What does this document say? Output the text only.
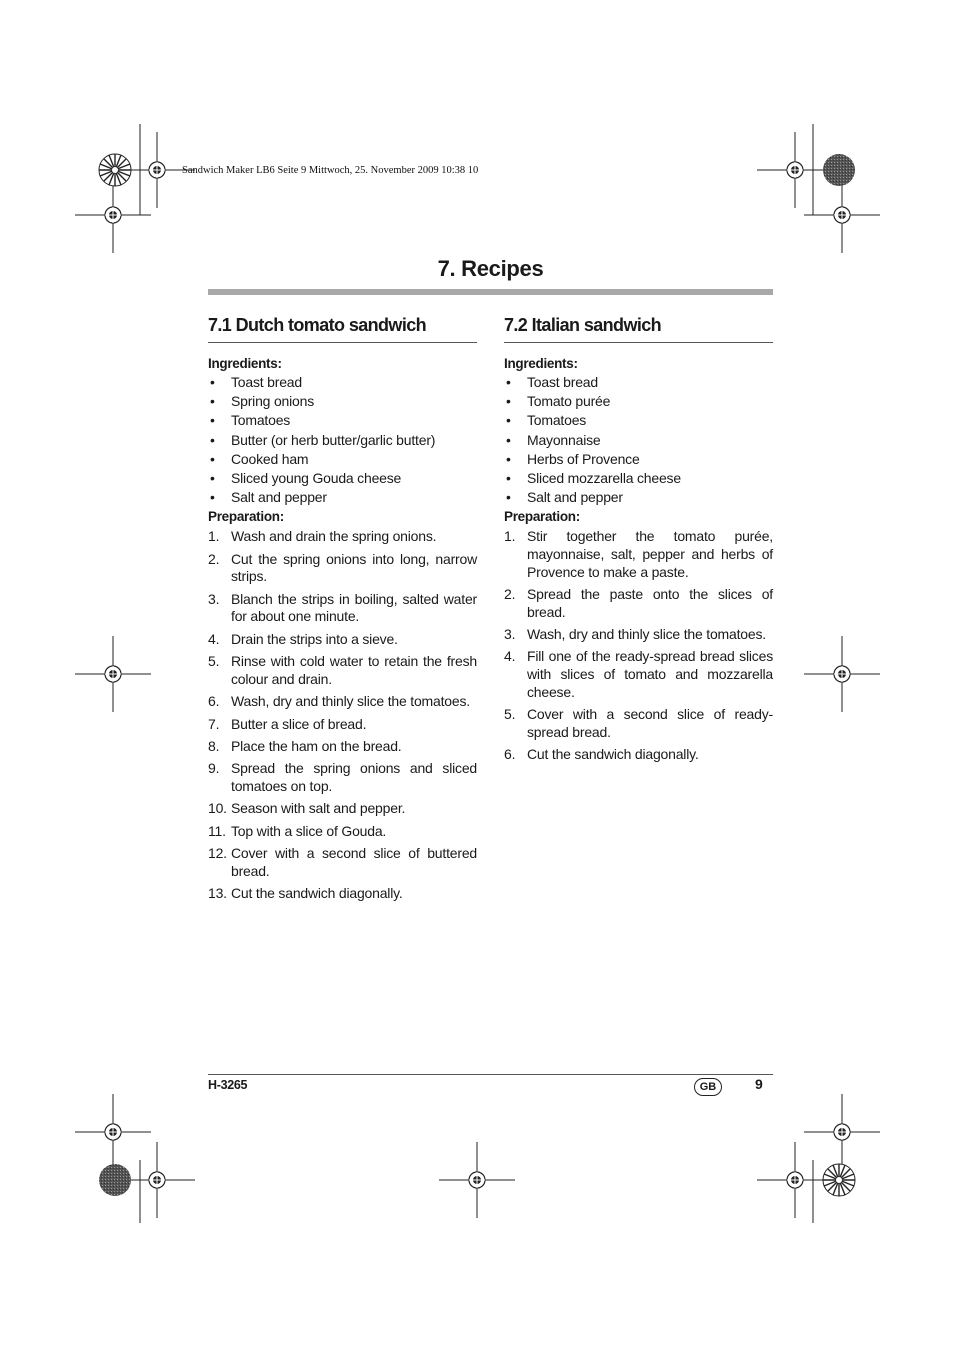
Sandwich Maker LB6 Seite 9 Mittwoch, 25. November 2009 10:38 10
7. Recipes
7.1 Dutch tomato sandwich
Ingredients:
• Toast bread
• Spring onions
• Tomatoes
• Butter (or herb butter/garlic butter)
• Cooked ham
• Sliced young Gouda cheese
• Salt and pepper
Preparation:
1. Wash and drain the spring onions.
2. Cut the spring onions into long, narrow strips.
3. Blanch the strips in boiling, salted water for about one minute.
4. Drain the strips into a sieve.
5. Rinse with cold water to retain the fresh colour and drain.
6. Wash, dry and thinly slice the tomatoes.
7. Butter a slice of bread.
8. Place the ham on the bread.
9. Spread the spring onions and sliced tomatoes on top.
10. Season with salt and pepper.
11. Top with a slice of Gouda.
12. Cover with a second slice of buttered bread.
13. Cut the sandwich diagonally.
7.2 Italian sandwich
Ingredients:
• Toast bread
• Tomato purée
• Tomatoes
• Mayonnaise
• Herbs of Provence
• Sliced mozzarella cheese
• Salt and pepper
Preparation:
1. Stir together the tomato purée, mayonnaise, salt, pepper and herbs of Provence to make a paste.
2. Spread the paste onto the slices of bread.
3. Wash, dry and thinly slice the tomatoes.
4. Fill one of the ready-spread bread slices with slices of tomato and mozzarella cheese.
5. Cover with a second slice of ready-spread bread.
6. Cut the sandwich diagonally.
H-3265	GB	9
